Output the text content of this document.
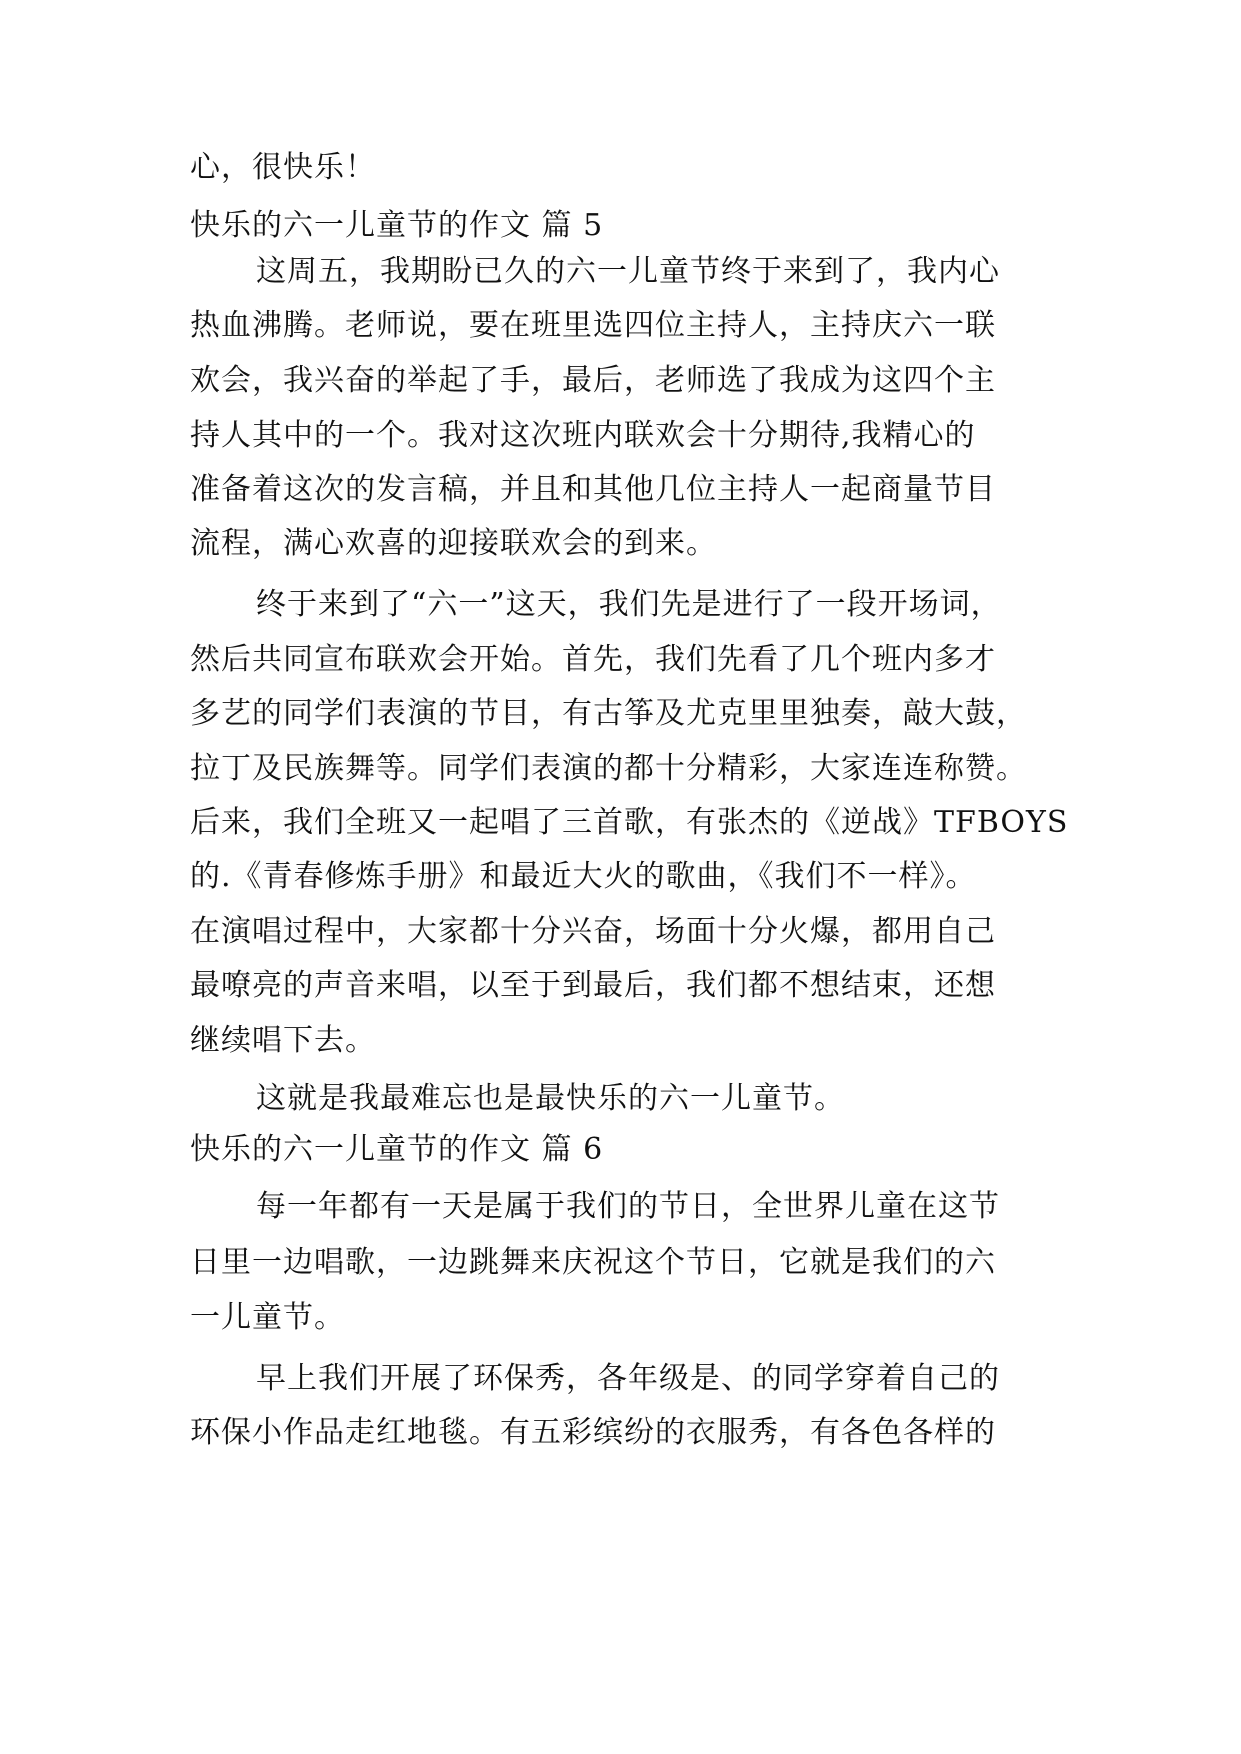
心，很快乐！
快乐的六一儿童节的作文 篇 5
这周五，我期盼已久的六一儿童节终于来到了，我内心
热血沸腾。老师说，要在班里选四位主持人，主持庆六一联
欢会，我兴奋的举起了手，最后，老师选了我成为这四个主
持人其中的一个。我对这次班内联欢会十分期待,我精心的
准备着这次的发言稿，并且和其他几位主持人一起商量节目
流程，满心欢喜的迎接联欢会的到来。
终于来到了“六一”这天，我们先是进行了一段开场词，
然后共同宣布联欢会开始。首先，我们先看了几个班内多才
多艺的同学们表演的节目，有古筝及尤克里里独奏，敲大鼓，
拉丁及民族舞等。同学们表演的都十分精彩，大家连连称赞。
后来，我们全班又一起唱了三首歌，有张杰的《逆战》TFBOYS
的.《青春修炼手册》和最近大火的歌曲，《我们不一样》。
在演唱过程中，大家都十分兴奋，场面十分火爆，都用自己
最嘹亮的声音来唱，以至于到最后，我们都不想结束，还想
继续唱下去。
这就是我最难忘也是最快乐的六一儿童节。
快乐的六一儿童节的作文 篇 6
每一年都有一天是属于我们的节日，全世界儿童在这节
日里一边唱歌，一边跳舞来庆祝这个节日，它就是我们的六
一儿童节。
早上我们开展了环保秀，各年级是、的同学穿着自己的
环保小作品走红地毯。有五彩缤纷的衣服秀，有各色各样的
